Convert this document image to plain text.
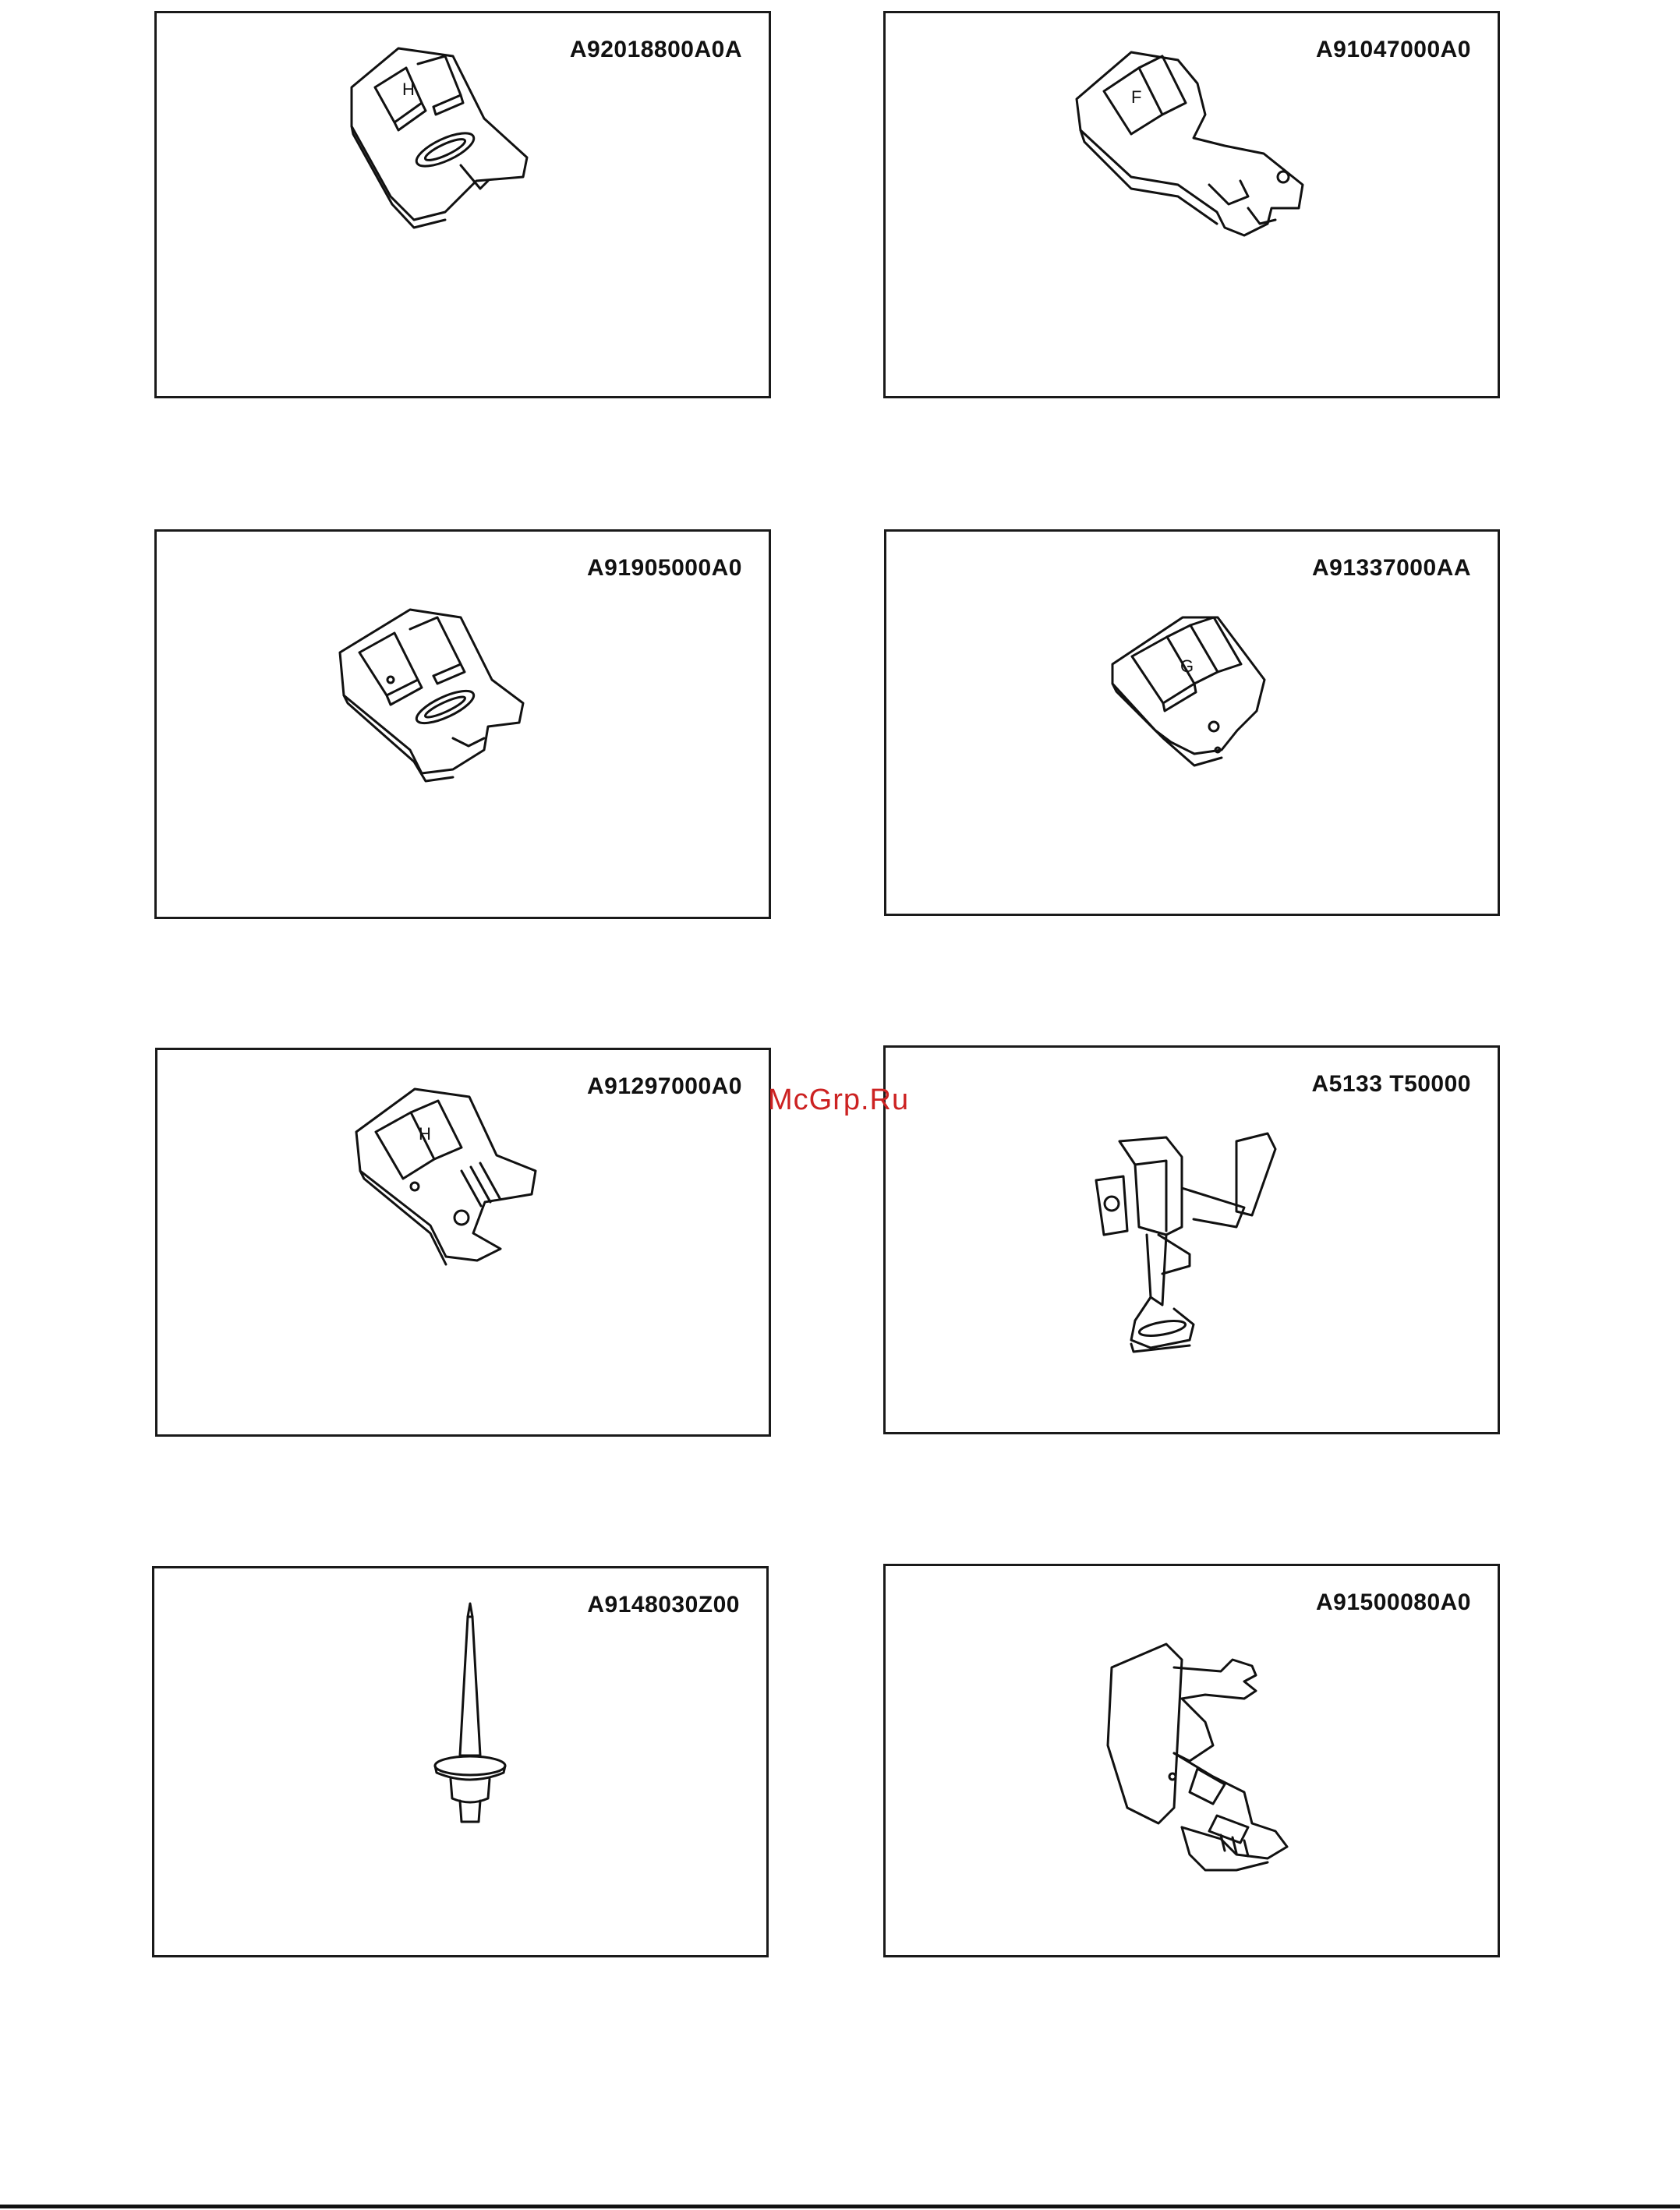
A92018800A0A
H
A91047000A0
F
A91905000A0	A91337000AA
G
A91297000A0
H
A5133 T50000
A9148030Z00	A91500080A0
McGrp.Ru
